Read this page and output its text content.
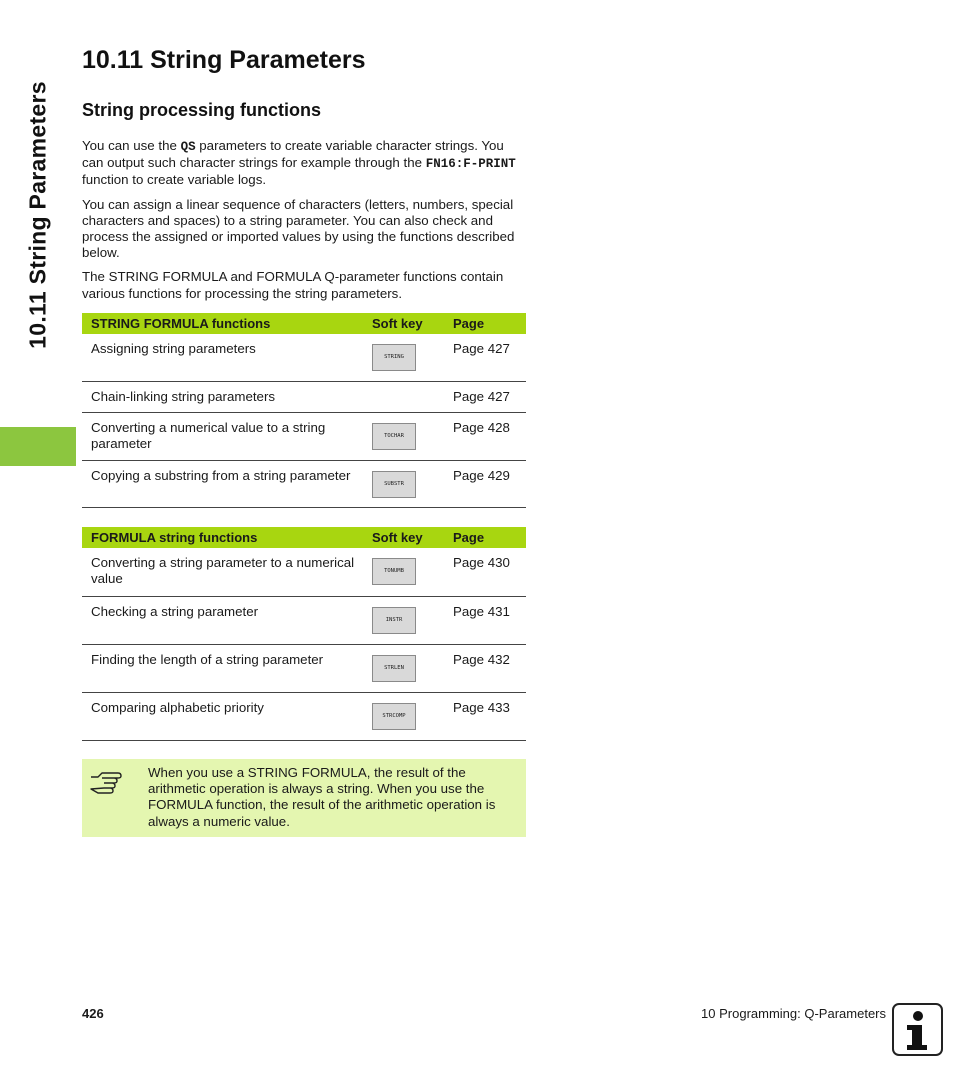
10.11 String Parameters
10.11 String Parameters
String processing functions

You can use the QS parameters to create variable character strings. You can output such character strings for example through the FN16:F-PRINT function to create variable logs.

You can assign a linear sequence of characters (letters, numbers, special characters and spaces) to a string parameter. You can also check and process the assigned or imported values by using the functions described below.

The STRING FORMULA and FORMULA Q-parameter functions contain various functions for processing the string parameters.

STRING FORMULA functions	Soft key	Page
Assigning string parameters	STRING	Page 427
Chain-linking string parameters		Page 427
Converting a numerical value to a string parameter	TOCHAR	Page 428
Copying a substring from a string parameter	SUBSTR	Page 429
FORMULA string functions	Soft key	Page
Converting a string parameter to a numerical value	TONUMB	Page 430
Checking a string parameter	INSTR	Page 431
Finding the length of a string parameter	STRLEN	Page 432
Comparing alphabetic priority	STRCOMP	Page 433
When you use a STRING FORMULA, the result of the arithmetic operation is always a string. When you use the FORMULA function, the result of the arithmetic operation is always a numeric value.
426	10 Programming: Q-Parameters
